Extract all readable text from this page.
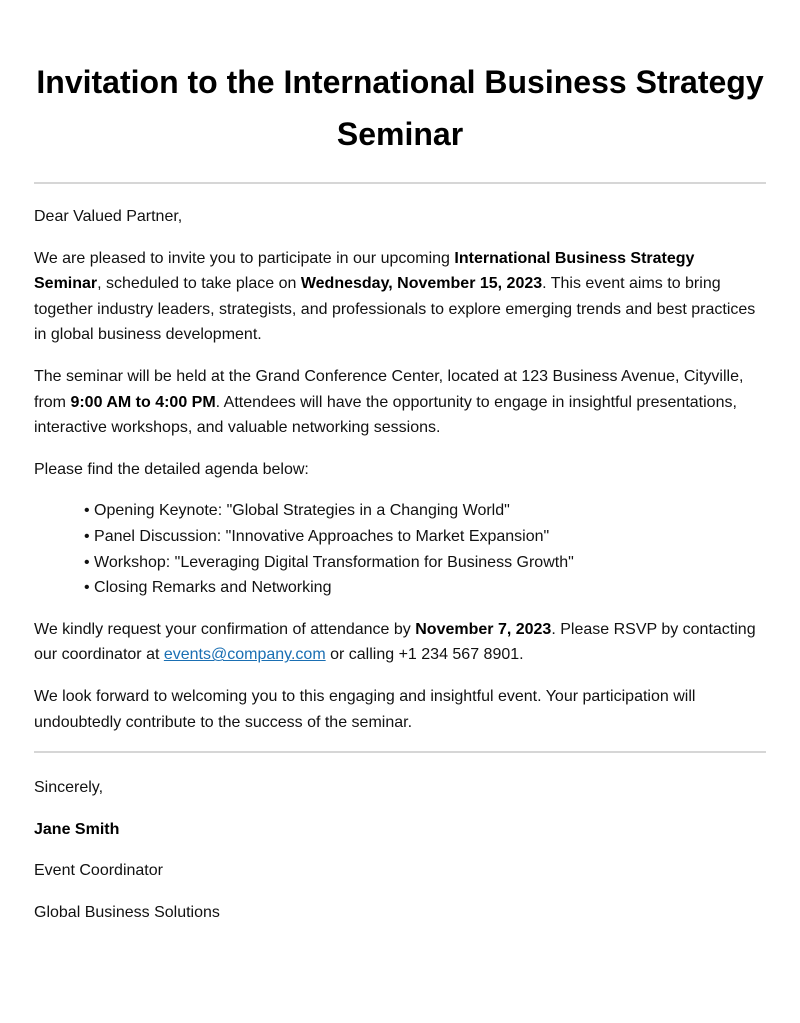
Invitation to the International Business Strategy Seminar

Dear Valued Partner,

We are pleased to invite you to participate in our upcoming International Business Strategy Seminar, scheduled to take place on Wednesday, November 15, 2023. This event aims to bring together industry leaders, strategists, and professionals to explore emerging trends and best practices in global business development.

The seminar will be held at the Grand Conference Center, located at 123 Business Avenue, Cityville, from 9:00 AM to 4:00 PM. Attendees will have the opportunity to engage in insightful presentations, interactive workshops, and valuable networking sessions.

Please find the detailed agenda below:

• Opening Keynote: "Global Strategies in a Changing World"
• Panel Discussion: "Innovative Approaches to Market Expansion"
• Workshop: "Leveraging Digital Transformation for Business Growth"
• Closing Remarks and Networking

We kindly request your confirmation of attendance by November 7, 2023. Please RSVP by contacting our coordinator at events@company.com or calling +1 234 567 8901.

We look forward to welcoming you to this engaging and insightful event. Your participation will undoubtedly contribute to the success of the seminar.

Sincerely,
Jane Smith
Event Coordinator
Global Business Solutions
